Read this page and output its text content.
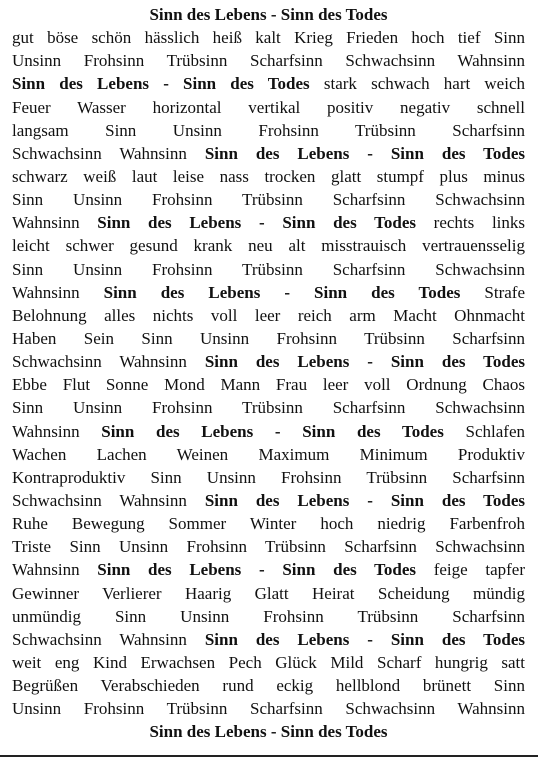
Sinn des Lebens - Sinn des Todes
gut böse schön hässlich heiß kalt Krieg Frieden hoch tief Sinn
Unsinn Frohsinn Trübsinn Scharfsinn Schwachsinn Wahnsinn
Sinn des Lebens - Sinn des Todes stark schwach hart weich
Feuer Wasser horizontal vertikal positiv negativ schnell
langsam Sinn Unsinn Frohsinn Trübsinn Scharfsinn
Schwachsinn Wahnsinn Sinn des Lebens - Sinn des Todes
schwarz weiß laut leise nass trocken glatt stumpf plus minus
Sinn Unsinn Frohsinn Trübsinn Scharfsinn Schwachsinn
Wahnsinn Sinn des Lebens - Sinn des Todes rechts links
leicht schwer gesund krank neu alt misstrauisch vertrauensselig
Sinn Unsinn Frohsinn Trübsinn Scharfsinn Schwachsinn
Wahnsinn Sinn des Lebens - Sinn des Todes Strafe
Belohnung alles nichts voll leer reich arm Macht Ohnmacht
Haben Sein Sinn Unsinn Frohsinn Trübsinn Scharfsinn
Schwachsinn Wahnsinn Sinn des Lebens - Sinn des Todes
Ebbe Flut Sonne Mond Mann Frau leer voll Ordnung Chaos
Sinn Unsinn Frohsinn Trübsinn Scharfsinn Schwachsinn
Wahnsinn Sinn des Lebens - Sinn des Todes Schlafen
Wachen Lachen Weinen Maximum Minimum Produktiv
Kontraproduktiv Sinn Unsinn Frohsinn Trübsinn Scharfsinn
Schwachsinn Wahnsinn Sinn des Lebens - Sinn des Todes
Ruhe Bewegung Sommer Winter hoch niedrig Farbenfroh
Triste Sinn Unsinn Frohsinn Trübsinn Scharfsinn Schwachsinn
Wahnsinn Sinn des Lebens - Sinn des Todes feige tapfer
Gewinner Verlierer Haarig Glatt Heirat Scheidung mündig
unmündig Sinn Unsinn Frohsinn Trübsinn Scharfsinn
Schwachsinn Wahnsinn Sinn des Lebens - Sinn des Todes
weit eng Kind Erwachsen Pech Glück Mild Scharf hungrig satt
Begrüßen Verabschieden rund eckig hellblond brünett Sinn
Unsinn Frohsinn Trübsinn Scharfsinn Schwachsinn Wahnsinn
Sinn des Lebens - Sinn des Todes
